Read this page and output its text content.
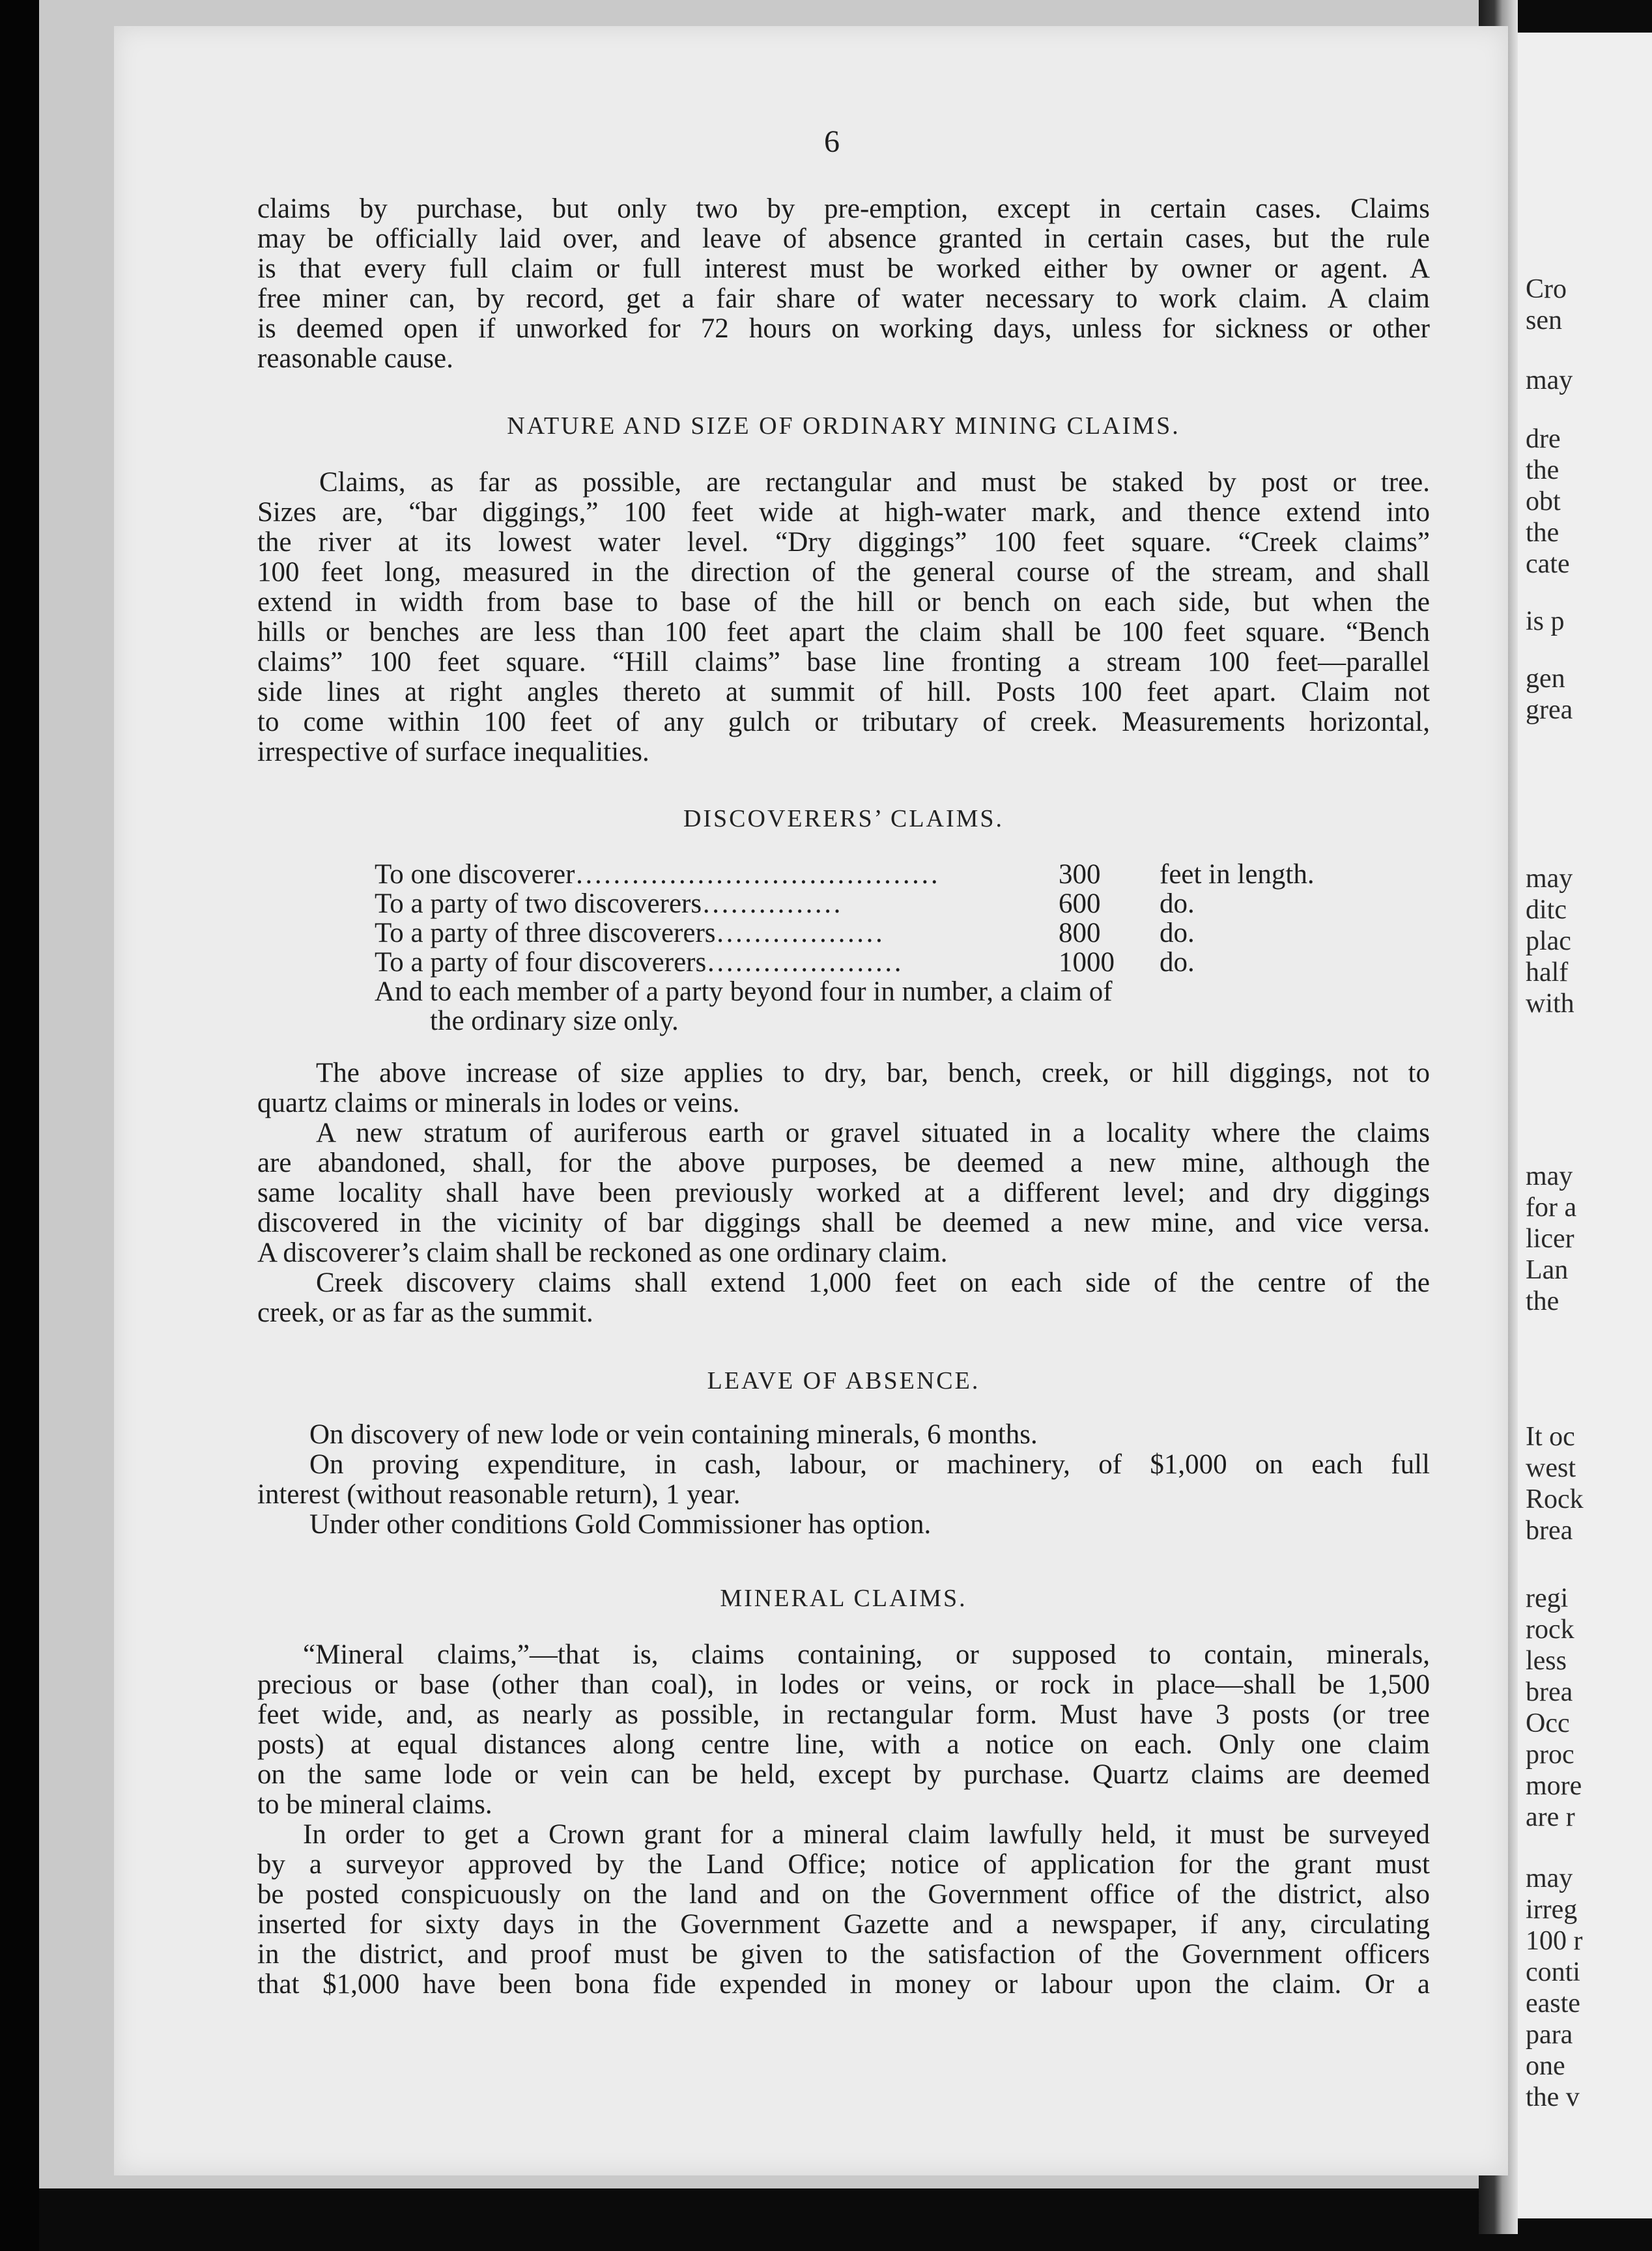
6
claims by purchase, but only two by pre-emption, except in certain cases. Claims
may be officially laid over, and leave of absence granted in certain cases, but the rule
is that every full claim or full interest must be worked either by owner or agent. A
free miner can, by record, get a fair share of water necessary to work claim. A claim
is deemed open if unworked for 72 hours on working days, unless for sickness or other
reasonable cause.
NATURE AND SIZE OF ORDINARY MINING CLAIMS.
Claims, as far as possible, are rectangular and must be staked by post or tree.
Sizes are, “bar diggings,” 100 feet wide at high-water mark, and thence extend into
the river at its lowest water level. “Dry diggings” 100 feet square. “Creek claims”
100 feet long, measured in the direction of the general course of the stream, and shall
extend in width from base to base of the hill or bench on each side, but when the
hills or benches are less than 100 feet apart the claim shall be 100 feet square. “Bench
claims” 100 feet square. “Hill claims” base line fronting a stream 100 feet—parallel
side lines at right angles thereto at summit of hill. Posts 100 feet apart. Claim not
to come within 100 feet of any gulch or tributary of creek. Measurements horizontal,
irrespective of surface inequalities.
DISCOVERERS’ CLAIMS.
To one discoverer…………………………………	300 feet in length.
To a party of two discoverers……………	600 do.
To a party of three discoverers………………	800 do.
To a party of four discoverers…………………	1000 do.
And to each member of a party beyond four in number, a claim of
the ordinary size only.
The above increase of size applies to dry, bar, bench, creek, or hill diggings, not to
quartz claims or minerals in lodes or veins.
A new stratum of auriferous earth or gravel situated in a locality where the claims
are abandoned, shall, for the above purposes, be deemed a new mine, although the
same locality shall have been previously worked at a different level; and dry diggings
discovered in the vicinity of bar diggings shall be deemed a new mine, and vice versa.
A discoverer’s claim shall be reckoned as one ordinary claim.
Creek discovery claims shall extend 1,000 feet on each side of the centre of the
creek, or as far as the summit.
LEAVE OF ABSENCE.
On discovery of new lode or vein containing minerals, 6 months.
On proving expenditure, in cash, labour, or machinery, of $1,000 on each full
interest (without reasonable return), 1 year.
Under other conditions Gold Commissioner has option.
MINERAL CLAIMS.
“Mineral claims,”—that is, claims containing, or supposed to contain, minerals,
precious or base (other than coal), in lodes or veins, or rock in place—shall be 1,500
feet wide, and, as nearly as possible, in rectangular form. Must have 3 posts (or tree
posts) at equal distances along centre line, with a notice on each. Only one claim
on the same lode or vein can be held, except by purchase. Quartz claims are deemed
to be mineral claims.
In order to get a Crown grant for a mineral claim lawfully held, it must be surveyed
by a surveyor approved by the Land Office; notice of application for the grant must
be posted conspicuously on the land and on the Government office of the district, also
inserted for sixty days in the Government Gazette and a newspaper, if any, circulating
in the district, and proof must be given to the satisfaction of the Government officers
that $1,000 have been bona fide expended in money or labour upon the claim. Or a
Cro
sen
may
dre
the
obt
the
cate
is p
gen
grea
may
ditc
plac
half
with
may
for a
licer
Lan
the
It oc
west
Rock
brea
regi
rock
less
brea
Occ
proc
more
are r
may
irreg
100 r
conti
easte
para
one
the v
